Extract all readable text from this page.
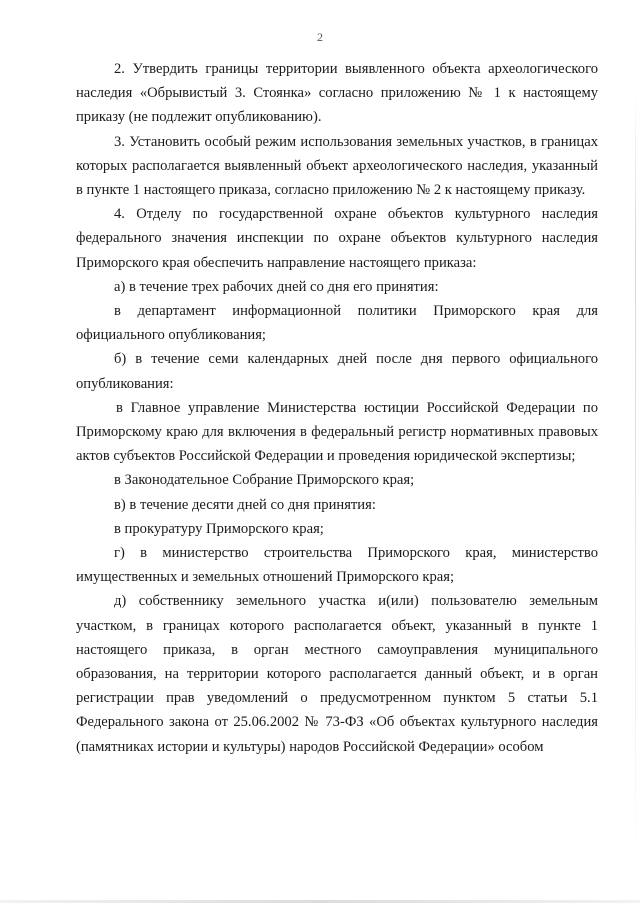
2

2. Утвердить границы территории выявленного объекта археологического наследия «Обрывистый 3. Стоянка» согласно приложению № 1 к настоящему приказу (не подлежит опубликованию).

3. Установить особый режим использования земельных участков, в границах которых располагается выявленный объект археологического наследия, указанный в пункте 1 настоящего приказа, согласно приложению № 2 к настоящему приказу.

4. Отделу по государственной охране объектов культурного наследия федерального значения инспекции по охране объектов культурного наследия Приморского края обеспечить направление настоящего приказа:

а) в течение трех рабочих дней со дня его принятия:

в департамент информационной политики Приморского края для официального опубликования;

б) в течение семи календарных дней после дня первого официального опубликования:

в Главное управление Министерства юстиции Российской Федерации по Приморскому краю для включения в федеральный регистр нормативных правовых актов субъектов Российской Федерации и проведения юридической экспертизы;

в Законодательное Собрание Приморского края;

в) в течение десяти дней со дня принятия:

в прокуратуру Приморского края;

г) в министерство строительства Приморского края, министерство имущественных и земельных отношений Приморского края;

д) собственнику земельного участка и(или) пользователю земельным участком, в границах которого располагается объект, указанный в пункте 1 настоящего приказа, в орган местного самоуправления муниципального образования, на территории которого располагается данный объект, и в орган регистрации прав уведомлений о предусмотренном пунктом 5 статьи 5.1 Федерального закона от 25.06.2002 № 73-ФЗ «Об объектах культурного наследия (памятниках истории и культуры) народов Российской Федерации» особом
